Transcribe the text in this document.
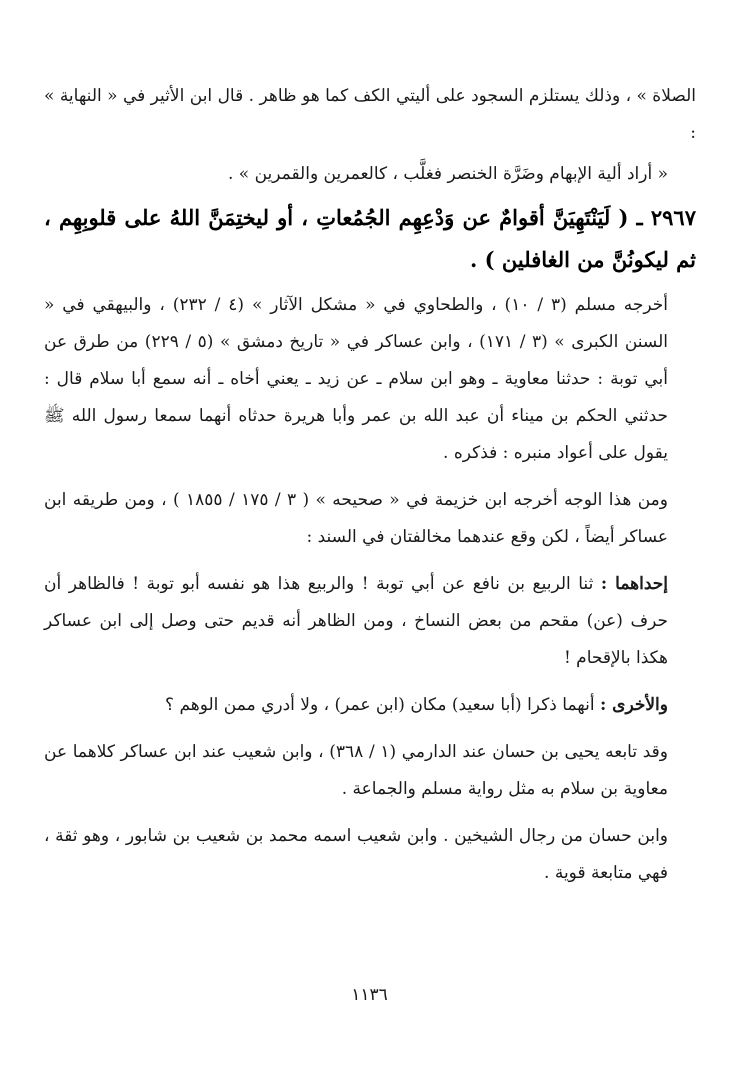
الصلاة » ، وذلك يستلزم السجود على أليتي الكف كما هو ظاهر . قال ابن الأثير في « النهاية » :

« أراد ألية الإبهام وضَرَّة الخنصر فغلَّب ، كالعمرين والقمرين » .

٢٩٦٧ ـ ( لَيَنْتَهِيَنَّ أقوامٌ عن وَدْعِهِم الجُمُعاتِ ، أو ليختِمَنَّ اللهُ على قلوبِهِم ، ثم ليكونُنَّ من الغافلين ) .

أخرجه مسلم (٣ / ١٠) ، والطحاوي في « مشكل الآثار » (٤ / ٢٣٢) ، والبيهقي في « السنن الكبرى » (٣ / ١٧١) ، وابن عساكر في « تاريخ دمشق » (٥ / ٢٢٩) من طرق عن أبي توبة : حدثنا معاوية ـ وهو ابن سلام ـ عن زيد ـ يعني أخاه ـ أنه سمع أبا سلام قال : حدثني الحكم بن ميناء أن عبد الله بن عمر وأبا هريرة حدثاه أنهما سمعا رسول الله ﷺ يقول على أعواد منبره : فذكره .

ومن هذا الوجه أخرجه ابن خزيمة في « صحيحه » ( ٣ / ١٧٥ / ١٨٥٥ ) ، ومن طريقه ابن عساكر أيضاً ، لكن وقع عندهما مخالفتان في السند :

إحداهما : ثنا الربيع بن نافع عن أبي توبة ! والربيع هذا هو نفسه أبو توبة ! فالظاهر أن حرف (عن) مقحم من بعض النساخ ، ومن الظاهر أنه قديم حتى وصل إلى ابن عساكر هكذا بالإقحام !

والأخرى : أنهما ذكرا (أبا سعيد) مكان (ابن عمر) ، ولا أدري ممن الوهم ؟

وقد تابعه يحيى بن حسان عند الدارمي (١ / ٣٦٨) ، وابن شعيب عند ابن عساكر كلاهما عن معاوية بن سلام به مثل رواية مسلم والجماعة .

وابن حسان من رجال الشيخين . وابن شعيب اسمه محمد بن شعيب بن شابور ، وهو ثقة ، فهي متابعة قوية .

١١٣٦
